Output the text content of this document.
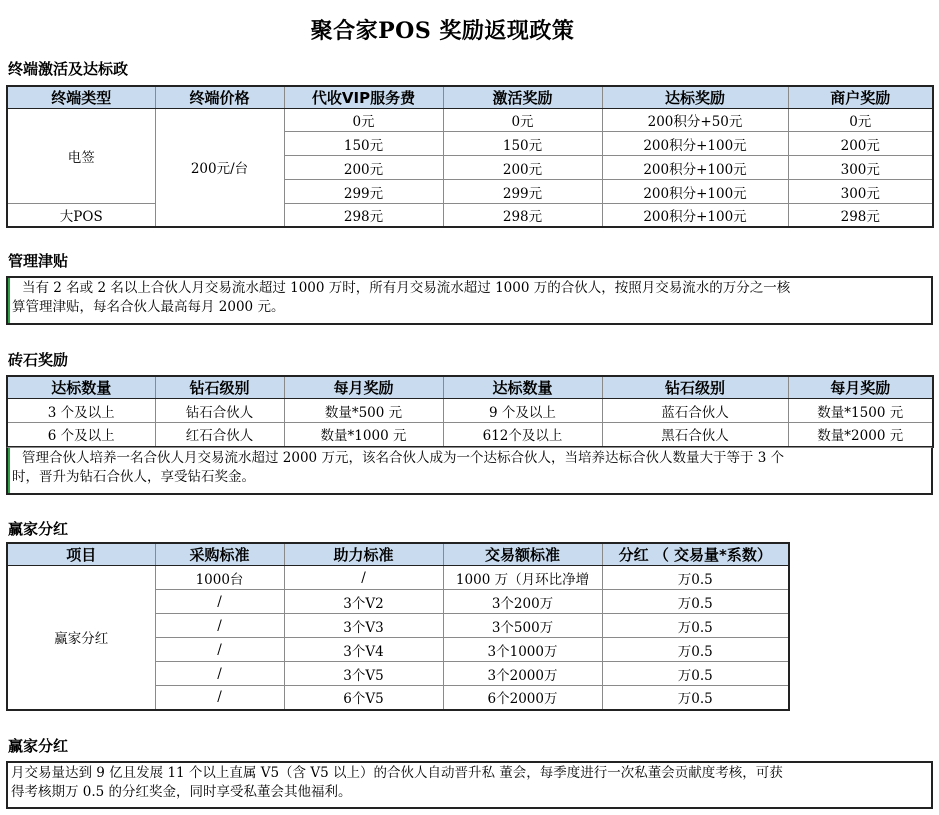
聚合家POS 奖励返现政策
终端激活及达标政
终端类型	终端价格	代收VIP服务费	激活奖励	达标奖励	商户奖励
电签	200元/台	0元	0元	200积分+50元	0元
		150元	150元	200积分+100元	200元
		200元	200元	200积分+100元	300元
		299元	299元	200积分+100元	300元
大POS		298元	298元	200积分+100元	298元
管理津贴
当有 2 名或 2 名以上合伙人月交易流水超过 1000 万时，所有月交易流水超过 1000 万的合伙人，按照月交易流水的万分之一核
算管理津贴，每名合伙人最高每月 2000 元。
砖石奖励
达标数量	钻石级别	每月奖励	达标数量	钻石级别	每月奖励
3 个及以上	钻石合伙人	数量*500 元	9 个及以上	蓝石合伙人	数量*1500 元
6 个及以上	红石合伙人	数量*1000 元	612个及以上	黑石合伙人	数量*2000 元
管理合伙人培养一名合伙人月交易流水超过 2000 万元，该名合伙人成为一个达标合伙人，当培养达标合伙人数量大于等于 3 个
时，晋升为钻石合伙人，享受钻石奖金。
赢家分红
项目	采购标准	助力标准	交易额标准	分红 （ 交易量*系数）
赢家分红	1000台	/	1000 万（月环比净增	万0.5
	/	3个V2	3个200万	万0.5
	/	3个V3	3个500万	万0.5
	/	3个V4	3个1000万	万0.5
	/	3个V5	3个2000万	万0.5
	/	6个V5	6个2000万	万0.5
赢家分红
月交易量达到 9 亿且发展 11 个以上直属 V5（含 V5 以上）的合伙人自动晋升私 董会，每季度进行一次私董会贡献度考核，可获
得考核期万 0.5 的分红奖金，同时享受私董会其他福利。
